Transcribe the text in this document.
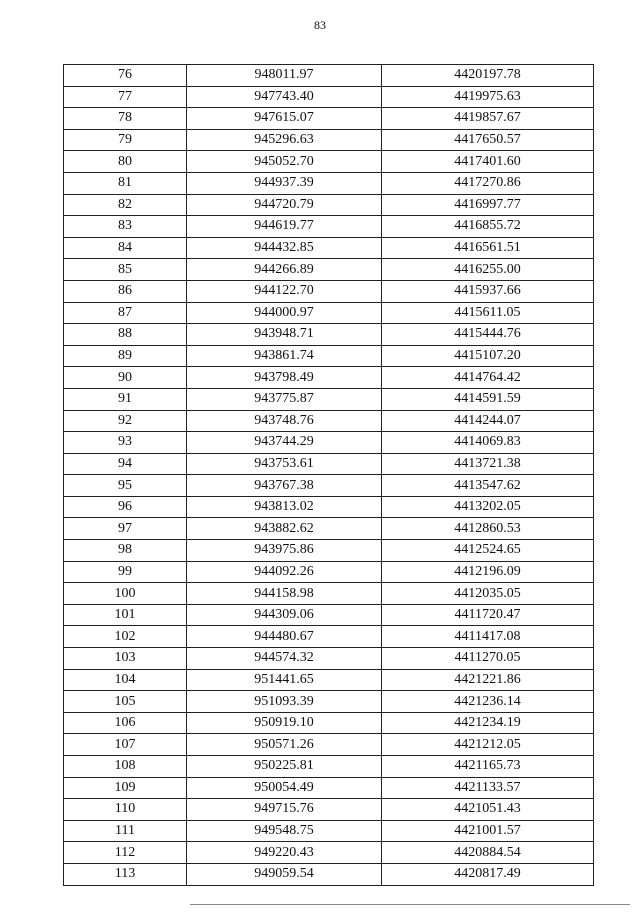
83
76	948011.97	4420197.78
77	947743.40	4419975.63
78	947615.07	4419857.67
79	945296.63	4417650.57
80	945052.70	4417401.60
81	944937.39	4417270.86
82	944720.79	4416997.77
83	944619.77	4416855.72
84	944432.85	4416561.51
85	944266.89	4416255.00
86	944122.70	4415937.66
87	944000.97	4415611.05
88	943948.71	4415444.76
89	943861.74	4415107.20
90	943798.49	4414764.42
91	943775.87	4414591.59
92	943748.76	4414244.07
93	943744.29	4414069.83
94	943753.61	4413721.38
95	943767.38	4413547.62
96	943813.02	4413202.05
97	943882.62	4412860.53
98	943975.86	4412524.65
99	944092.26	4412196.09
100	944158.98	4412035.05
101	944309.06	4411720.47
102	944480.67	4411417.08
103	944574.32	4411270.05
104	951441.65	4421221.86
105	951093.39	4421236.14
106	950919.10	4421234.19
107	950571.26	4421212.05
108	950225.81	4421165.73
109	950054.49	4421133.57
110	949715.76	4421051.43
111	949548.75	4421001.57
112	949220.43	4420884.54
113	949059.54	4420817.49
